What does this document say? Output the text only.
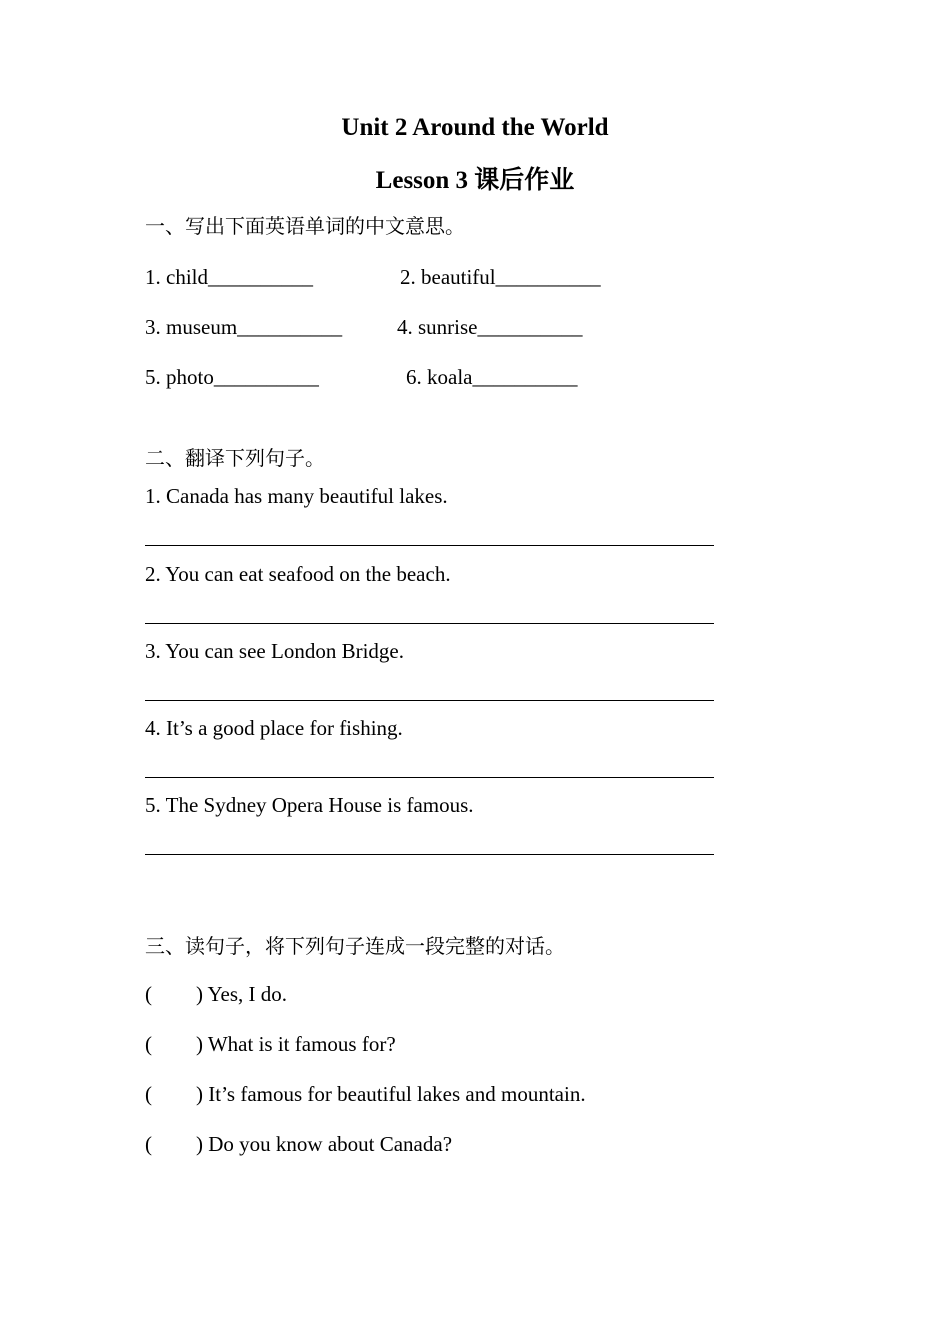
Unit 2 Around the World
Lesson 3 课后作业
一、写出下面英语单词的中文意思。
1. child__________	2. beautiful__________
3. museum__________	4. sunrise__________
5. photo__________	6. koala__________
二、翻译下列句子。
1. Canada has many beautiful lakes.
2. You can eat seafood on the beach.
3. You can see London Bridge.
4. It’s a good place for fishing.
5. The Sydney Opera House is famous.
三、读句子，将下列句子连成一段完整的对话。
( ) Yes, I do.
( ) What is it famous for?
( ) It’s famous for beautiful lakes and mountain.
( ) Do you know about Canada?
